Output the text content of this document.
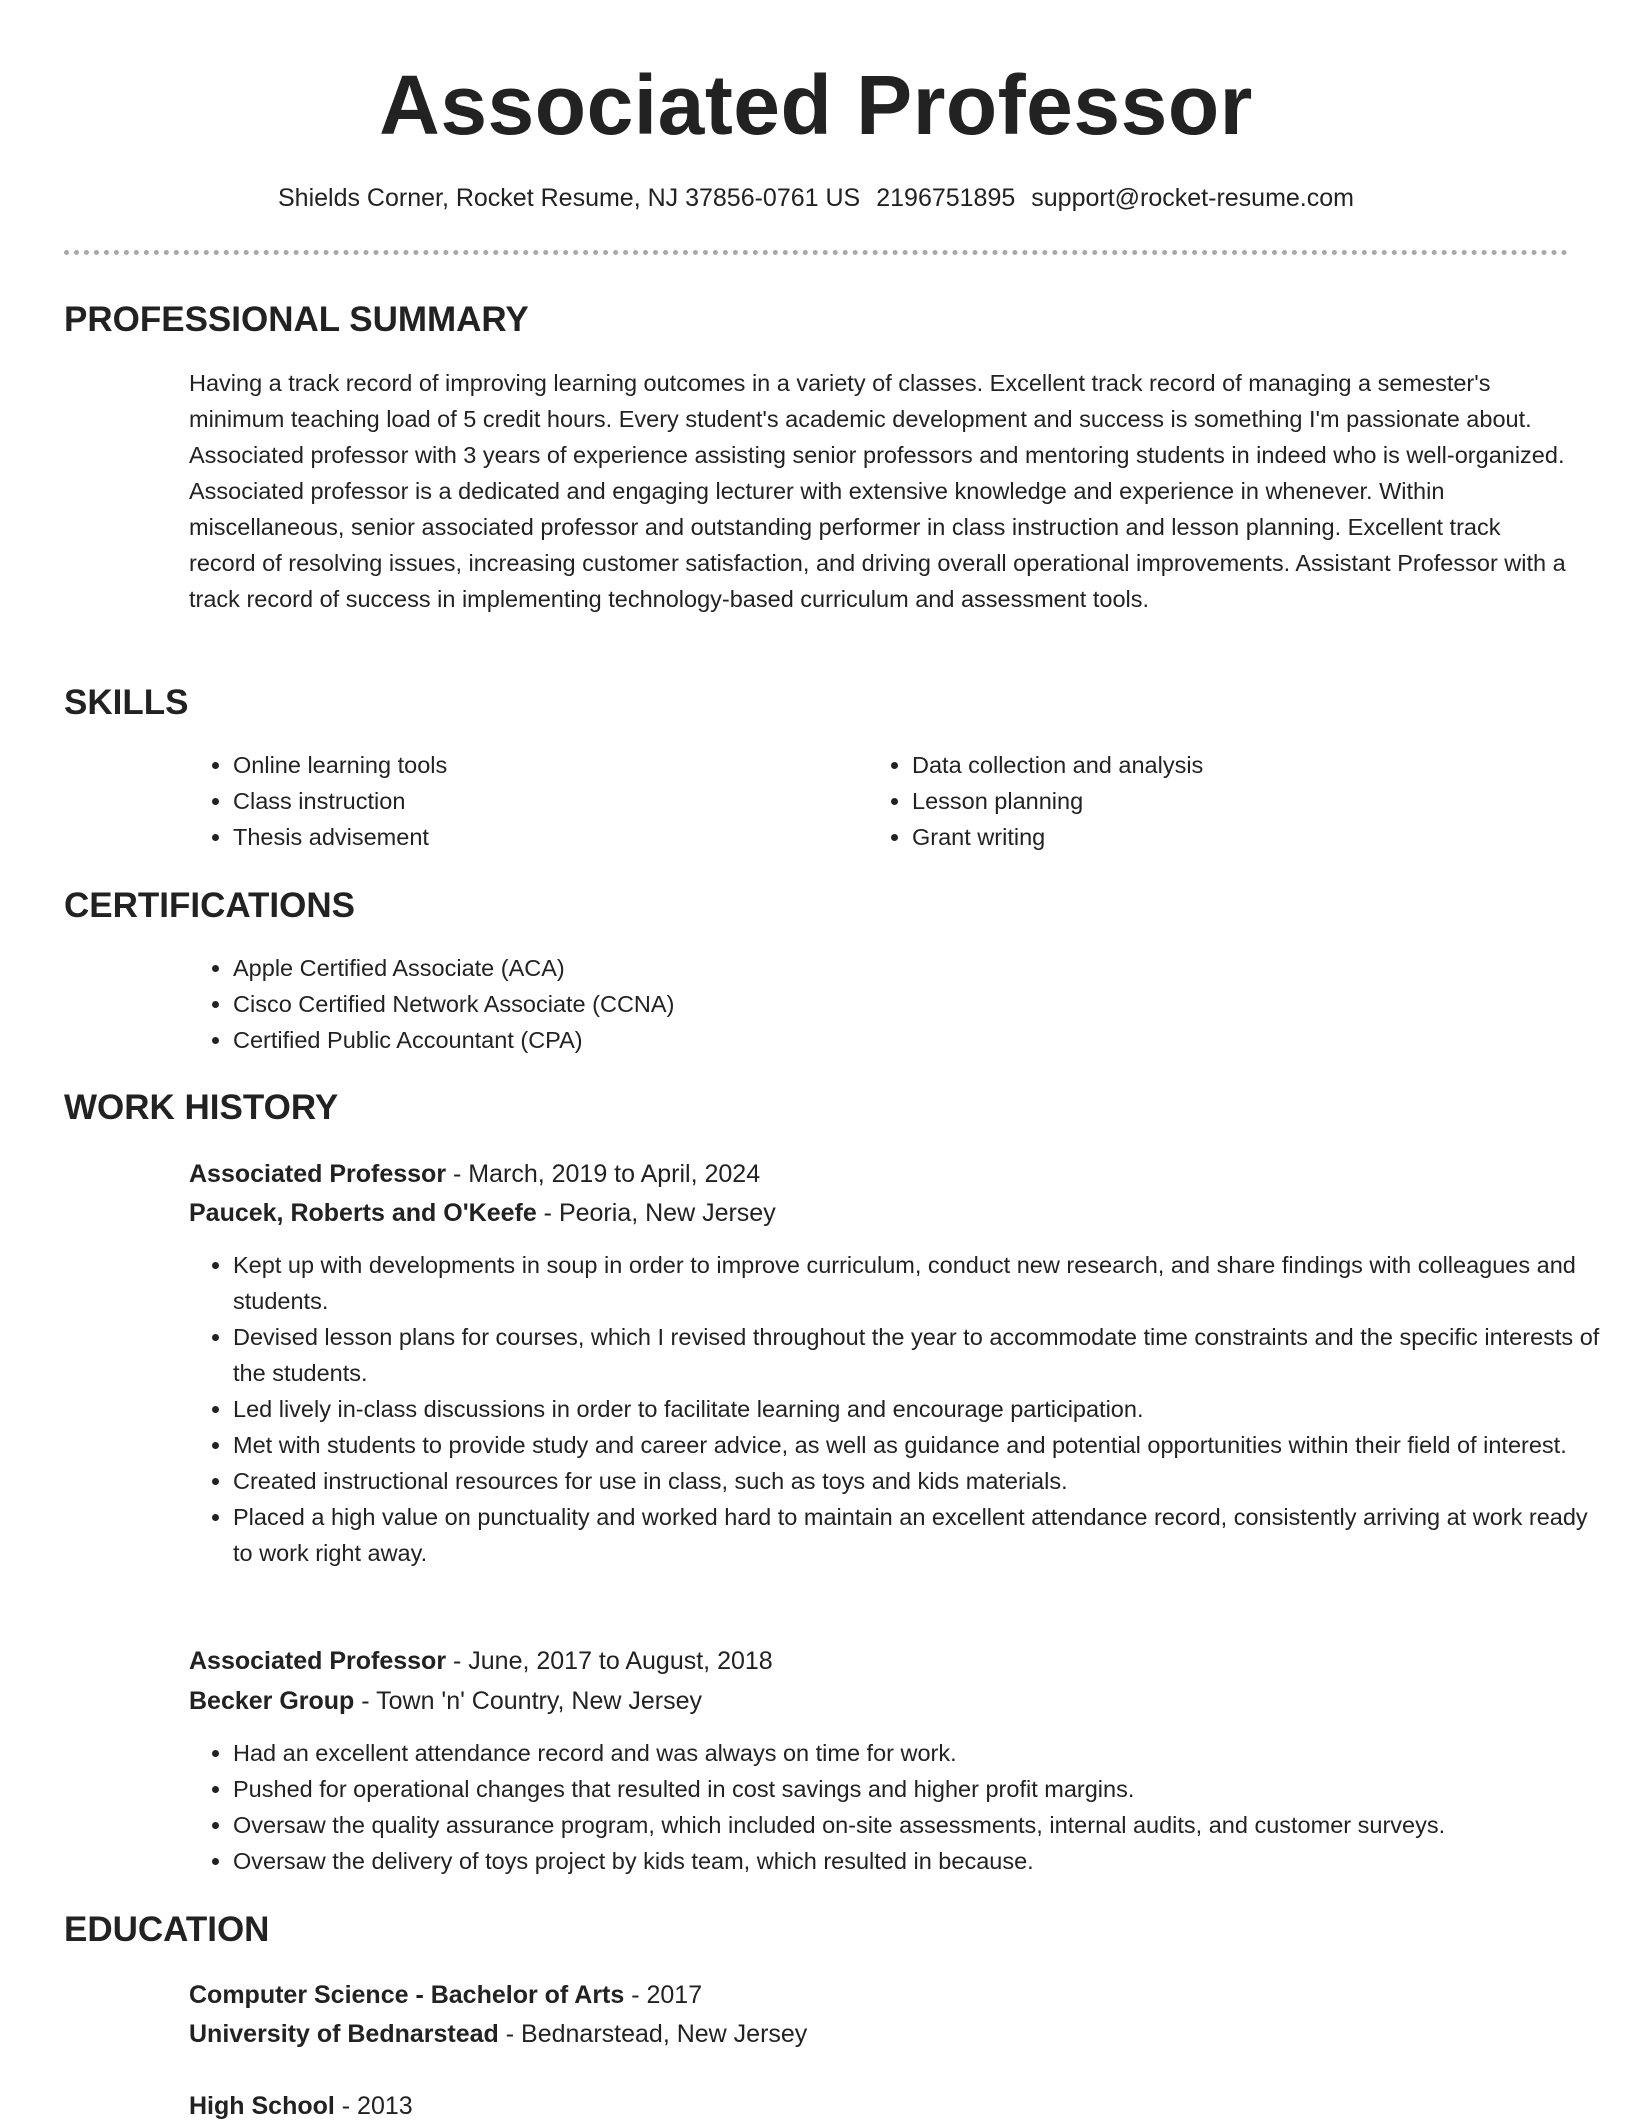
Associated Professor
Shields Corner, Rocket Resume, NJ 37856-0761 US 2196751895 support@rocket-resume.com
PROFESSIONAL SUMMARY

Having a track record of improving learning outcomes in a variety of classes. Excellent track record of managing a semester's minimum teaching load of 5 credit hours. Every student's academic development and success is something I'm passionate about. Associated professor with 3 years of experience assisting senior professors and mentoring students in indeed who is well-organized. Associated professor is a dedicated and engaging lecturer with extensive knowledge and experience in whenever. Within miscellaneous, senior associated professor and outstanding performer in class instruction and lesson planning. Excellent track record of resolving issues, increasing customer satisfaction, and driving overall operational improvements. Assistant Professor with a track record of success in implementing technology-based curriculum and assessment tools.

SKILLS
• Online learning tools
• Class instruction
• Thesis advisement
• Data collection and analysis
• Lesson planning
• Grant writing
CERTIFICATIONS
• Apple Certified Associate (ACA)
• Cisco Certified Network Associate (CCNA)
• Certified Public Accountant (CPA)
WORK HISTORY
Associated Professor - March, 2019 to April, 2024
Paucek, Roberts and O'Keefe - Peoria, New Jersey
• Kept up with developments in soup in order to improve curriculum, conduct new research, and share findings with colleagues and students.
• Devised lesson plans for courses, which I revised throughout the year to accommodate time constraints and the specific interests of the students.
• Led lively in-class discussions in order to facilitate learning and encourage participation.
• Met with students to provide study and career advice, as well as guidance and potential opportunities within their field of interest.
• Created instructional resources for use in class, such as toys and kids materials.
• Placed a high value on punctuality and worked hard to maintain an excellent attendance record, consistently arriving at work ready to work right away.
Associated Professor - June, 2017 to August, 2018
Becker Group - Town 'n' Country, New Jersey
• Had an excellent attendance record and was always on time for work.
• Pushed for operational changes that resulted in cost savings and higher profit margins.
• Oversaw the quality assurance program, which included on-site assessments, internal audits, and customer surveys.
• Oversaw the delivery of toys project by kids team, which resulted in because.
EDUCATION
Computer Science - Bachelor of Arts - 2017
University of Bednarstead - Bednarstead, New Jersey
High School - 2013
